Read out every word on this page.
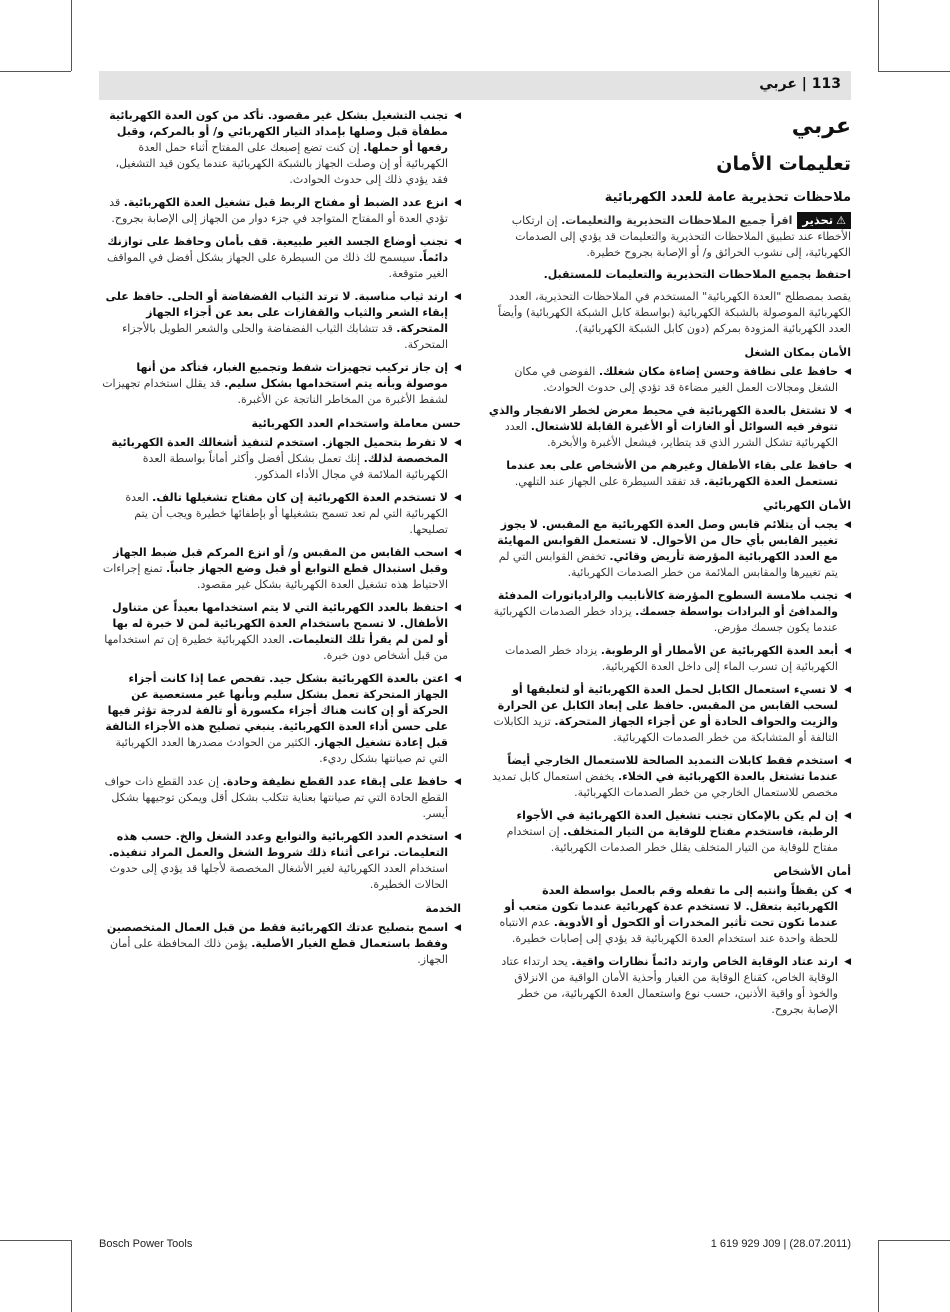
113 | عربي
عربي
تعليمات الأمان
ملاحظات تحذيرية عامة للعدد الكهربائية
⚠تحذيراقرأ جميع الملاحظات التحذيرية والتعليمات. إن ارتكاب الأخطاء عند تطبيق الملاحظات التحذيرية والتعليمات قد يؤدي إلى الصدمات الكهربائية، إلى نشوب الحرائق و/ أو الإصابة بجروح خطيرة.
احتفظ بجميع الملاحظات التحذيرية والتعليمات للمستقبل.
يقصد بمصطلح "العدة الكهربائية" المستخدم في الملاحظات التحذيرية، العدد الكهربائية الموصولة بالشبكة الكهربائية (بواسطة كابل الشبكة الكهربائية) وأيضاً العدد الكهربائية المزودة بمركم (دون كابل الشبكة الكهربائية).
الأمان بمكان الشغل
◀
حافظ على نظافة وحسن إضاءة مكان شغلك. الفوضى في مكان الشغل ومجالات العمل الغير مضاءة قد تؤدي إلى حدوث الحوادث.
◀
لا تشتغل بالعدة الكهربائية في محيط معرض لخطر الانفجار والذي تتوفر فيه السوائل أو الغازات أو الأغبرة القابلة للاشتعال. العدد الكهربائية تشكل الشرر الذي قد يتطاير، فيشعل الأغبرة والأبخرة.
◀
حافظ على بقاء الأطفال وغيرهم من الأشخاص على بعد عندما تستعمل العدة الكهربائية. قد تفقد السيطرة على الجهاز عند التلهي.
الأمان الكهربائي
◀
يجب أن يتلائم قابس وصل العدة الكهربائية مع المقبس. لا يجوز تغيير القابس بأي حال من الأحوال. لا تستعمل القوابس المهايئة مع العدد الكهربائية المؤرضة تأريض وقائي. تخفض القوابس التي لم يتم تغييرها والمقابس الملائمة من خطر الصدمات الكهربائية.
◀
تجنب ملامسة السطوح المؤرضة كالأنابيب والرادياتورات المدفئة والمدافئ أو البرادات بواسطة جسمك. يزداد خطر الصدمات الكهربائية عندما يكون جسمك مؤرض.
◀
أبعد العدة الكهربائية عن الأمطار أو الرطوبة. يزداد خطر الصدمات الكهربائية إن تسرب الماء إلى داخل العدة الكهربائية.
◀
لا تسيء استعمال الكابل لحمل العدة الكهربائية أو لتعليقها أو لسحب القابس من المقبس. حافظ على إبعاد الكابل عن الحرارة والزيت والحواف الحادة أو عن أجزاء الجهاز المتحركة. تزيد الكابلات التالفة أو المتشابكة من خطر الصدمات الكهربائية.
◀
استخدم فقط كابلات التمديد الصالحة للاستعمال الخارجي أيضاً عندما تشتغل بالعدة الكهربائية في الخلاء. يخفض استعمال كابل تمديد مخصص للاستعمال الخارجي من خطر الصدمات الكهربائية.
◀
إن لم يكن بالإمكان تجنب تشغيل العدة الكهربائية في الأجواء الرطبة، فاستخدم مفتاح للوقاية من التيار المتخلف. إن استخدام مفتاح للوقاية من التيار المتخلف يقلل خطر الصدمات الكهربائية.
أمان الأشخاص
◀
كن يقظاً وانتبه إلى ما تفعله وقم بالعمل بواسطة العدة الكهربائية بتعقل. لا تستخدم عدة كهربائية عندما تكون متعب أو عندما تكون تحت تأثير المخدرات أو الكحول أو الأدوية. عدم الانتباه للحظة واحدة عند استخدام العدة الكهربائية قد يؤدي إلى إصابات خطيرة.
◀
ارتد عتاد الوقاية الخاص وارتد دائماً نظارات واقية. يحد ارتداء عتاد الوقاية الخاص، كقناع الوقاية من الغبار وأحذية الأمان الواقية من الانزلاق والخوذ أو واقية الأذنين، حسب نوع واستعمال العدة الكهربائية، من خطر الإصابة بجروح.
◀
تجنب التشغيل بشكل غير مقصود. تأكد من كون العدة الكهربائية مطفأة قبل وصلها بإمداد التيار الكهربائي و/ أو بالمركم، وقبل رفعها أو حملها. إن كنت تضع إصبعك على المفتاح أثناء حمل العدة الكهربائية أو إن وصلت الجهاز بالشبكة الكهربائية عندما يكون قيد التشغيل، فقد يؤدي ذلك إلى حدوث الحوادث.
◀
انزع عدد الضبط أو مفتاح الربط قبل تشغيل العدة الكهربائية. قد تؤدي العدة أو المفتاح المتواجد في جزء دوار من الجهاز إلى الإصابة بجروح.
◀
تجنب أوضاع الجسد الغير طبيعية. قف بأمان وحافظ على توازنك دائماً. سيسمح لك ذلك من السيطرة على الجهاز بشكل أفضل في المواقف الغير متوقعة.
◀
ارتد ثياب مناسبة. لا ترتد الثياب الفضفاضة أو الحلى. حافظ على إبقاء الشعر والثياب والقفازات على بعد عن أجزاء الجهاز المتحركة. قد تتشابك الثياب الفضفاضة والحلى والشعر الطويل بالأجزاء المتحركة.
◀
إن جاز تركيب تجهيزات شفط وتجميع الغبار، فتأكد من أنها موصولة وبأنه يتم استخدامها بشكل سليم. قد يقلل استخدام تجهيزات لشفط الأغبرة من المخاطر الناتجة عن الأغبرة.
حسن معاملة واستخدام العدد الكهربائية
◀
لا تفرط بتحميل الجهاز. استخدم لتنفيذ أشغالك العدة الكهربائية المخصصة لذلك. إنك تعمل بشكل أفضل وأكثر أماناً بواسطة العدة الكهربائية الملائمة في مجال الأداء المذكور.
◀
لا تستخدم العدة الكهربائية إن كان مفتاح تشغيلها تالف. العدة الكهربائية التي لم تعد تسمح بتشغيلها أو بإطفائها خطيرة ويجب أن يتم تصليحها.
◀
اسحب القابس من المقبس و/ أو انزع المركم قبل ضبط الجهاز وقبل استبدال قطع التوابع أو قبل وضع الجهاز جانباً. تمنع إجراءات الاحتياط هذه تشغيل العدة الكهربائية بشكل غير مقصود.
◀
احتفظ بالعدد الكهربائية التي لا يتم استخدامها بعيداً عن متناول الأطفال. لا تسمح باستخدام العدة الكهربائية لمن لا خبرة له بها أو لمن لم يقرأ تلك التعليمات. العدد الكهربائية خطيرة إن تم استخدامها من قبل أشخاص دون خبرة.
◀
اعتن بالعدة الكهربائية بشكل جيد. تفحص عما إذا كانت أجزاء الجهاز المتحركة تعمل بشكل سليم وبأنها غير مستعصية عن الحركة أو إن كانت هناك أجزاء مكسورة أو تالفة لدرجة تؤثر فيها على حسن أداء العدة الكهربائية. ينبغي تصليح هذه الأجزاء التالفة قبل إعادة تشغيل الجهاز. الكثير من الحوادث مصدرها العدد الكهربائية التي تم صيانتها بشكل رديء.
◀
حافظ على إبقاء عدد القطع نظيفة وحادة. إن عدد القطع ذات حواف القطع الحادة التي تم صيانتها بعناية تتكلب بشكل أقل ويمكن توجيهها بشكل أيسر.
◀
استخدم العدد الكهربائية والتوابع وعدد الشغل والخ. حسب هذه التعليمات. تراعى أثناء ذلك شروط الشغل والعمل المراد تنفيذه. استخدام العدد الكهربائية لغير الأشغال المخصصة لأجلها قد يؤدي إلى حدوث الحالات الخطيرة.
الخدمة
◀
اسمح بتصليح عدتك الكهربائية فقط من قبل العمال المتخصصين وفقط باستعمال قطع الغيار الأصلية. يؤمن ذلك المحافظة على أمان الجهاز.
Bosch Power Tools	1 619 929 J09 | (28.07.2011)
